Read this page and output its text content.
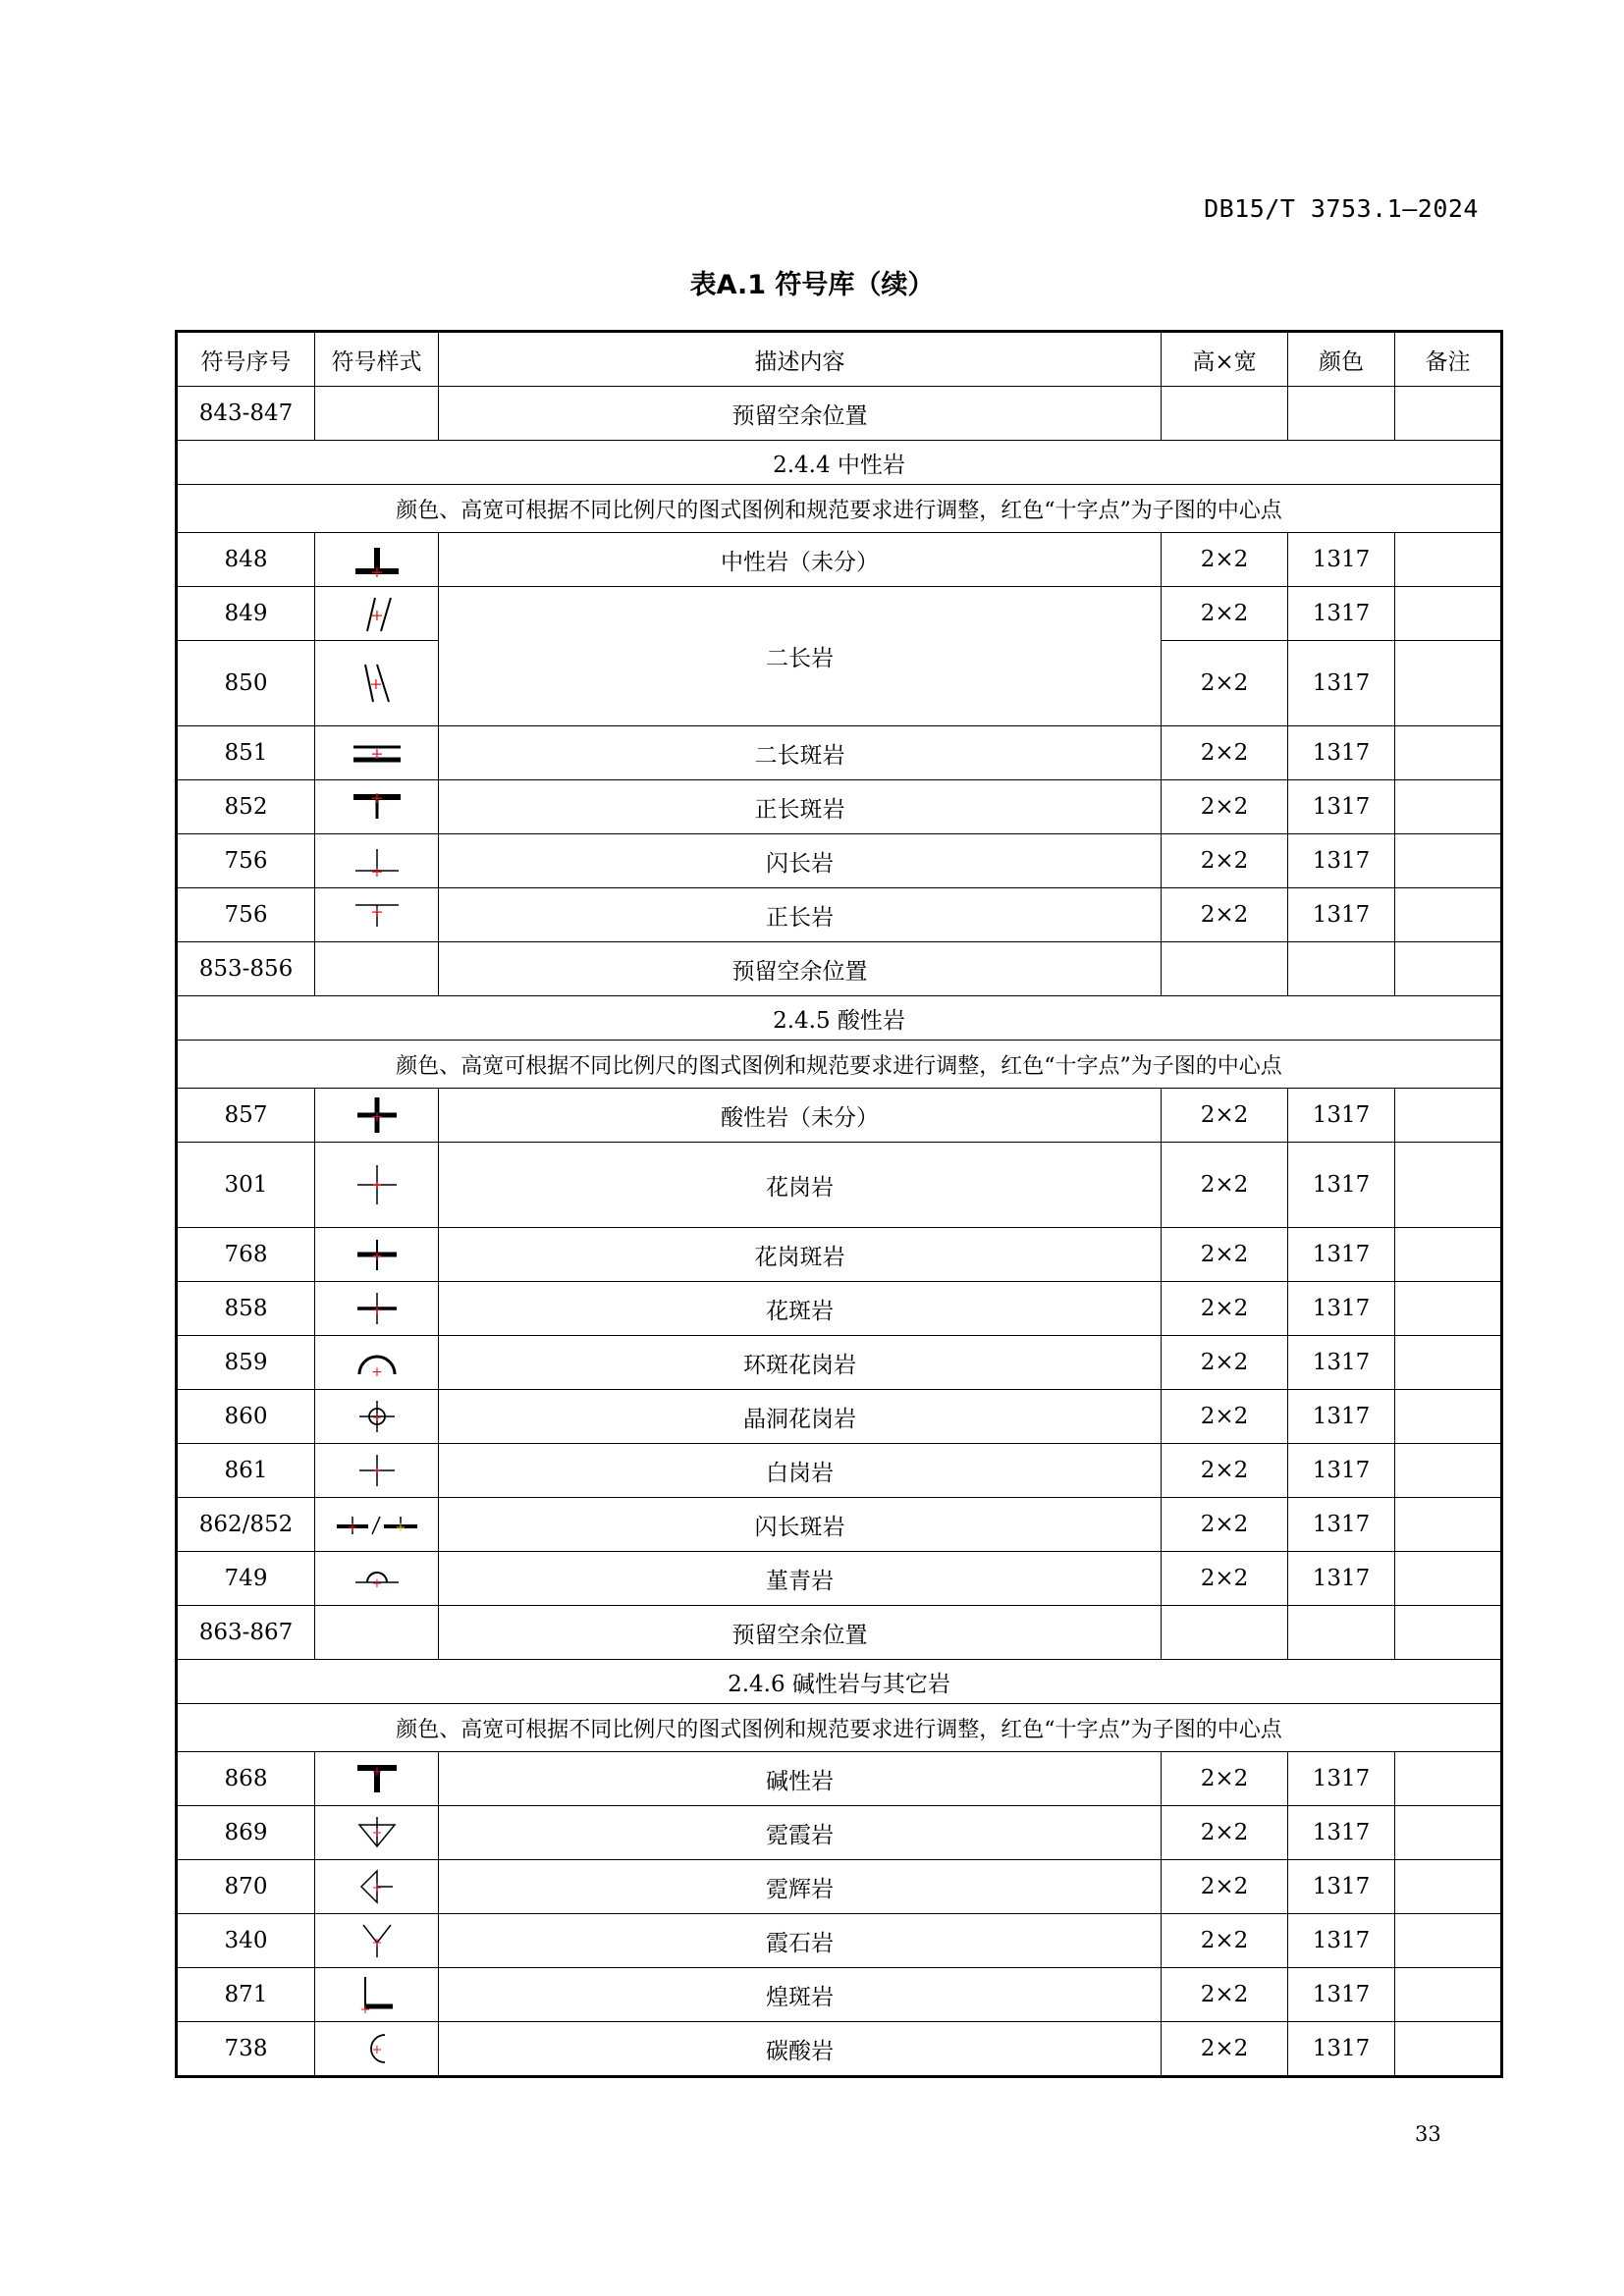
DB15/T 3753.1—2024
表A.1 符号库（续）
符号序号	符号样式	描述内容	高×宽	颜色	备注
843-847		预留空余位置			
2.4.4 中性岩					
颜色、高宽可根据不同比例尺的图式图例和规范要求进行调整，红色“十字点”为子图的中心点					
848	+	中性岩（未分）	2×2	1317	
849	+	二长岩	2×2	1317	
850	+		2×2	1317	
851	+	二长斑岩	2×2	1317	
852	+	正长斑岩	2×2	1317	
756	+	闪长岩	2×2	1317	
756	+	正长岩	2×2	1317	
853-856		预留空余位置			
2.4.5 酸性岩					
颜色、高宽可根据不同比例尺的图式图例和规范要求进行调整，红色“十字点”为子图的中心点					
857	+	酸性岩（未分）	2×2	1317	
301		花岗岩	2×2	1317	
768	+	花岗斑岩	2×2	1317	
858	+	花斑岩	2×2	1317	
859	+	环斑花岗岩	2×2	1317	
860	+	晶洞花岗岩	2×2	1317	
861		白岗岩	2×2	1317	
862/852	+ +	闪长斑岩	2×2	1317	
749	+	堇青岩	2×2	1317	
863-867		预留空余位置			
2.4.6 碱性岩与其它岩					
颜色、高宽可根据不同比例尺的图式图例和规范要求进行调整，红色“十字点”为子图的中心点					
868	+	碱性岩	2×2	1317	
869	+	霓霞岩	2×2	1317	
870	+	霓辉岩	2×2	1317	
340	+	霞石岩	2×2	1317	
871	+	煌斑岩	2×2	1317	
738	+	碳酸岩	2×2	1317	
33
